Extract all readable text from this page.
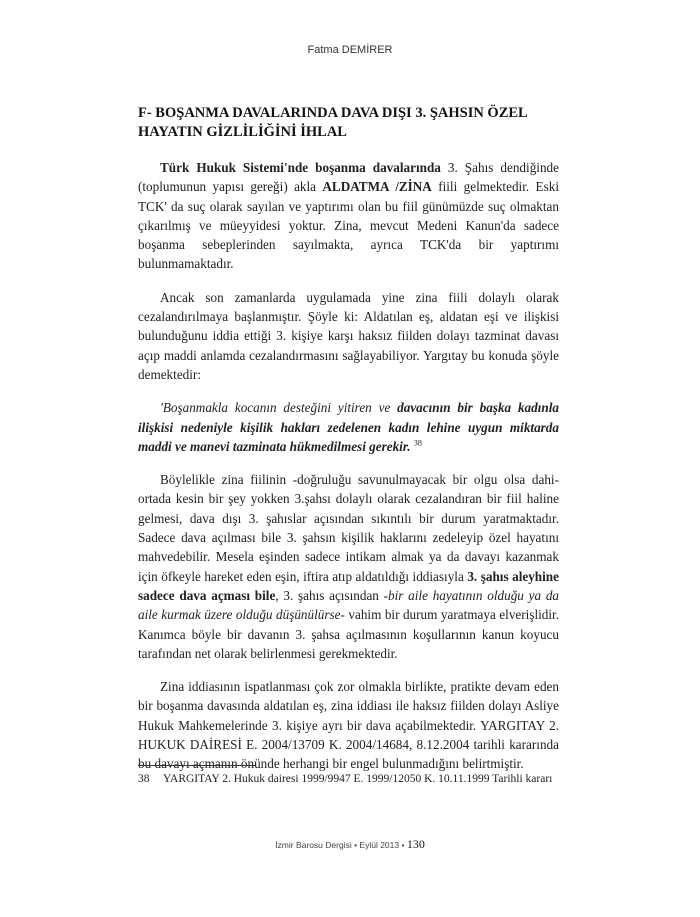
Fatma DEMİRER
F- BOŞANMA DAVALARINDA DAVA DIŞI 3. ŞAHSIN ÖZEL HAYATIN GİZLİLİĞİNİ İHLAL

Türk Hukuk Sistemi'nde boşanma davalarında 3. Şahıs dendiğinde (toplumunun yapısı gereği) akla ALDATMA /ZİNA fiili gelmektedir. Eski TCK' da suç olarak sayılan ve yaptırımı olan bu fiil günümüzde suç olmaktan çıkarılmış ve müeyyidesi yoktur. Zina, mevcut Medeni Kanun'da sadece boşanma sebeplerinden sayılmakta, ayrıca TCK'da bir yaptırımı bulunmamaktadır.

Ancak son zamanlarda uygulamada yine zina fiili dolaylı olarak cezalandırılmaya başlanmıştır. Şöyle ki: Aldatılan eş, aldatan eşi ve ilişkisi bulunduğunu iddia ettiği 3. kişiye karşı haksız fiilden dolayı tazminat davası açıp maddi anlamda cezalandırmasını sağlayabiliyor. Yargıtay bu konuda şöyle demektedir:

'Boşanmakla kocanın desteğini yitiren ve davacının bir başka kadınla ilişkisi nedeniyle kişilik hakları zedelenen kadın lehine uygun miktarda maddi ve manevi tazminata hükmedilmesi gerekir. $^{38}$

Böylelikle zina fiilinin -doğruluğu savunulmayacak bir olgu olsa dahi- ortada kesin bir şey yokken 3.şahsı dolaylı olarak cezalandıran bir fiil haline gelmesi, dava dışı 3. şahıslar açısından sıkıntılı bir durum yaratmaktadır. Sadece dava açılması bile 3. şahsın kişilik haklarını zedeleyip özel hayatını mahvedebilir. Mesela eşinden sadece intikam almak ya da davayı kazanmak için öfkeyle hareket eden eşin, iftira atıp aldatıldığı iddiasıyla 3. şahıs aleyhine sadece dava açması bile, 3. şahıs açısından -bir aile hayatının olduğu ya da aile kurmak üzere olduğu düşünülürse- vahim bir durum yaratmaya elverişlidir. Kanımca böyle bir davanın 3. şahsa açılmasının koşullarının kanun koyucu tarafından net olarak belirlenmesi gerekmektedir.

Zina iddiasının ispatlanması çok zor olmakla birlikte, pratikte devam eden bir boşanma davasında aldatılan eş, zina iddiası ile haksız fiilden dolayı Asliye Hukuk Mahkemelerinde 3. kişiye ayrı bir dava açabilmektedir. YARGITAY 2. HUKUK DAİRESİ E. 2004/13709 K. 2004/14684, 8.12.2004 tarihli kararında bu davayı açmanın önünde herhangi bir engel bulunmadığını belirtmiştir.

38 YARGITAY 2. Hukuk dairesi 1999/9947 E. 1999/12050 K. 10.11.1999 Tarihli kararı
İzmir Barosu Dergisi • Eylül 2013 • 130
